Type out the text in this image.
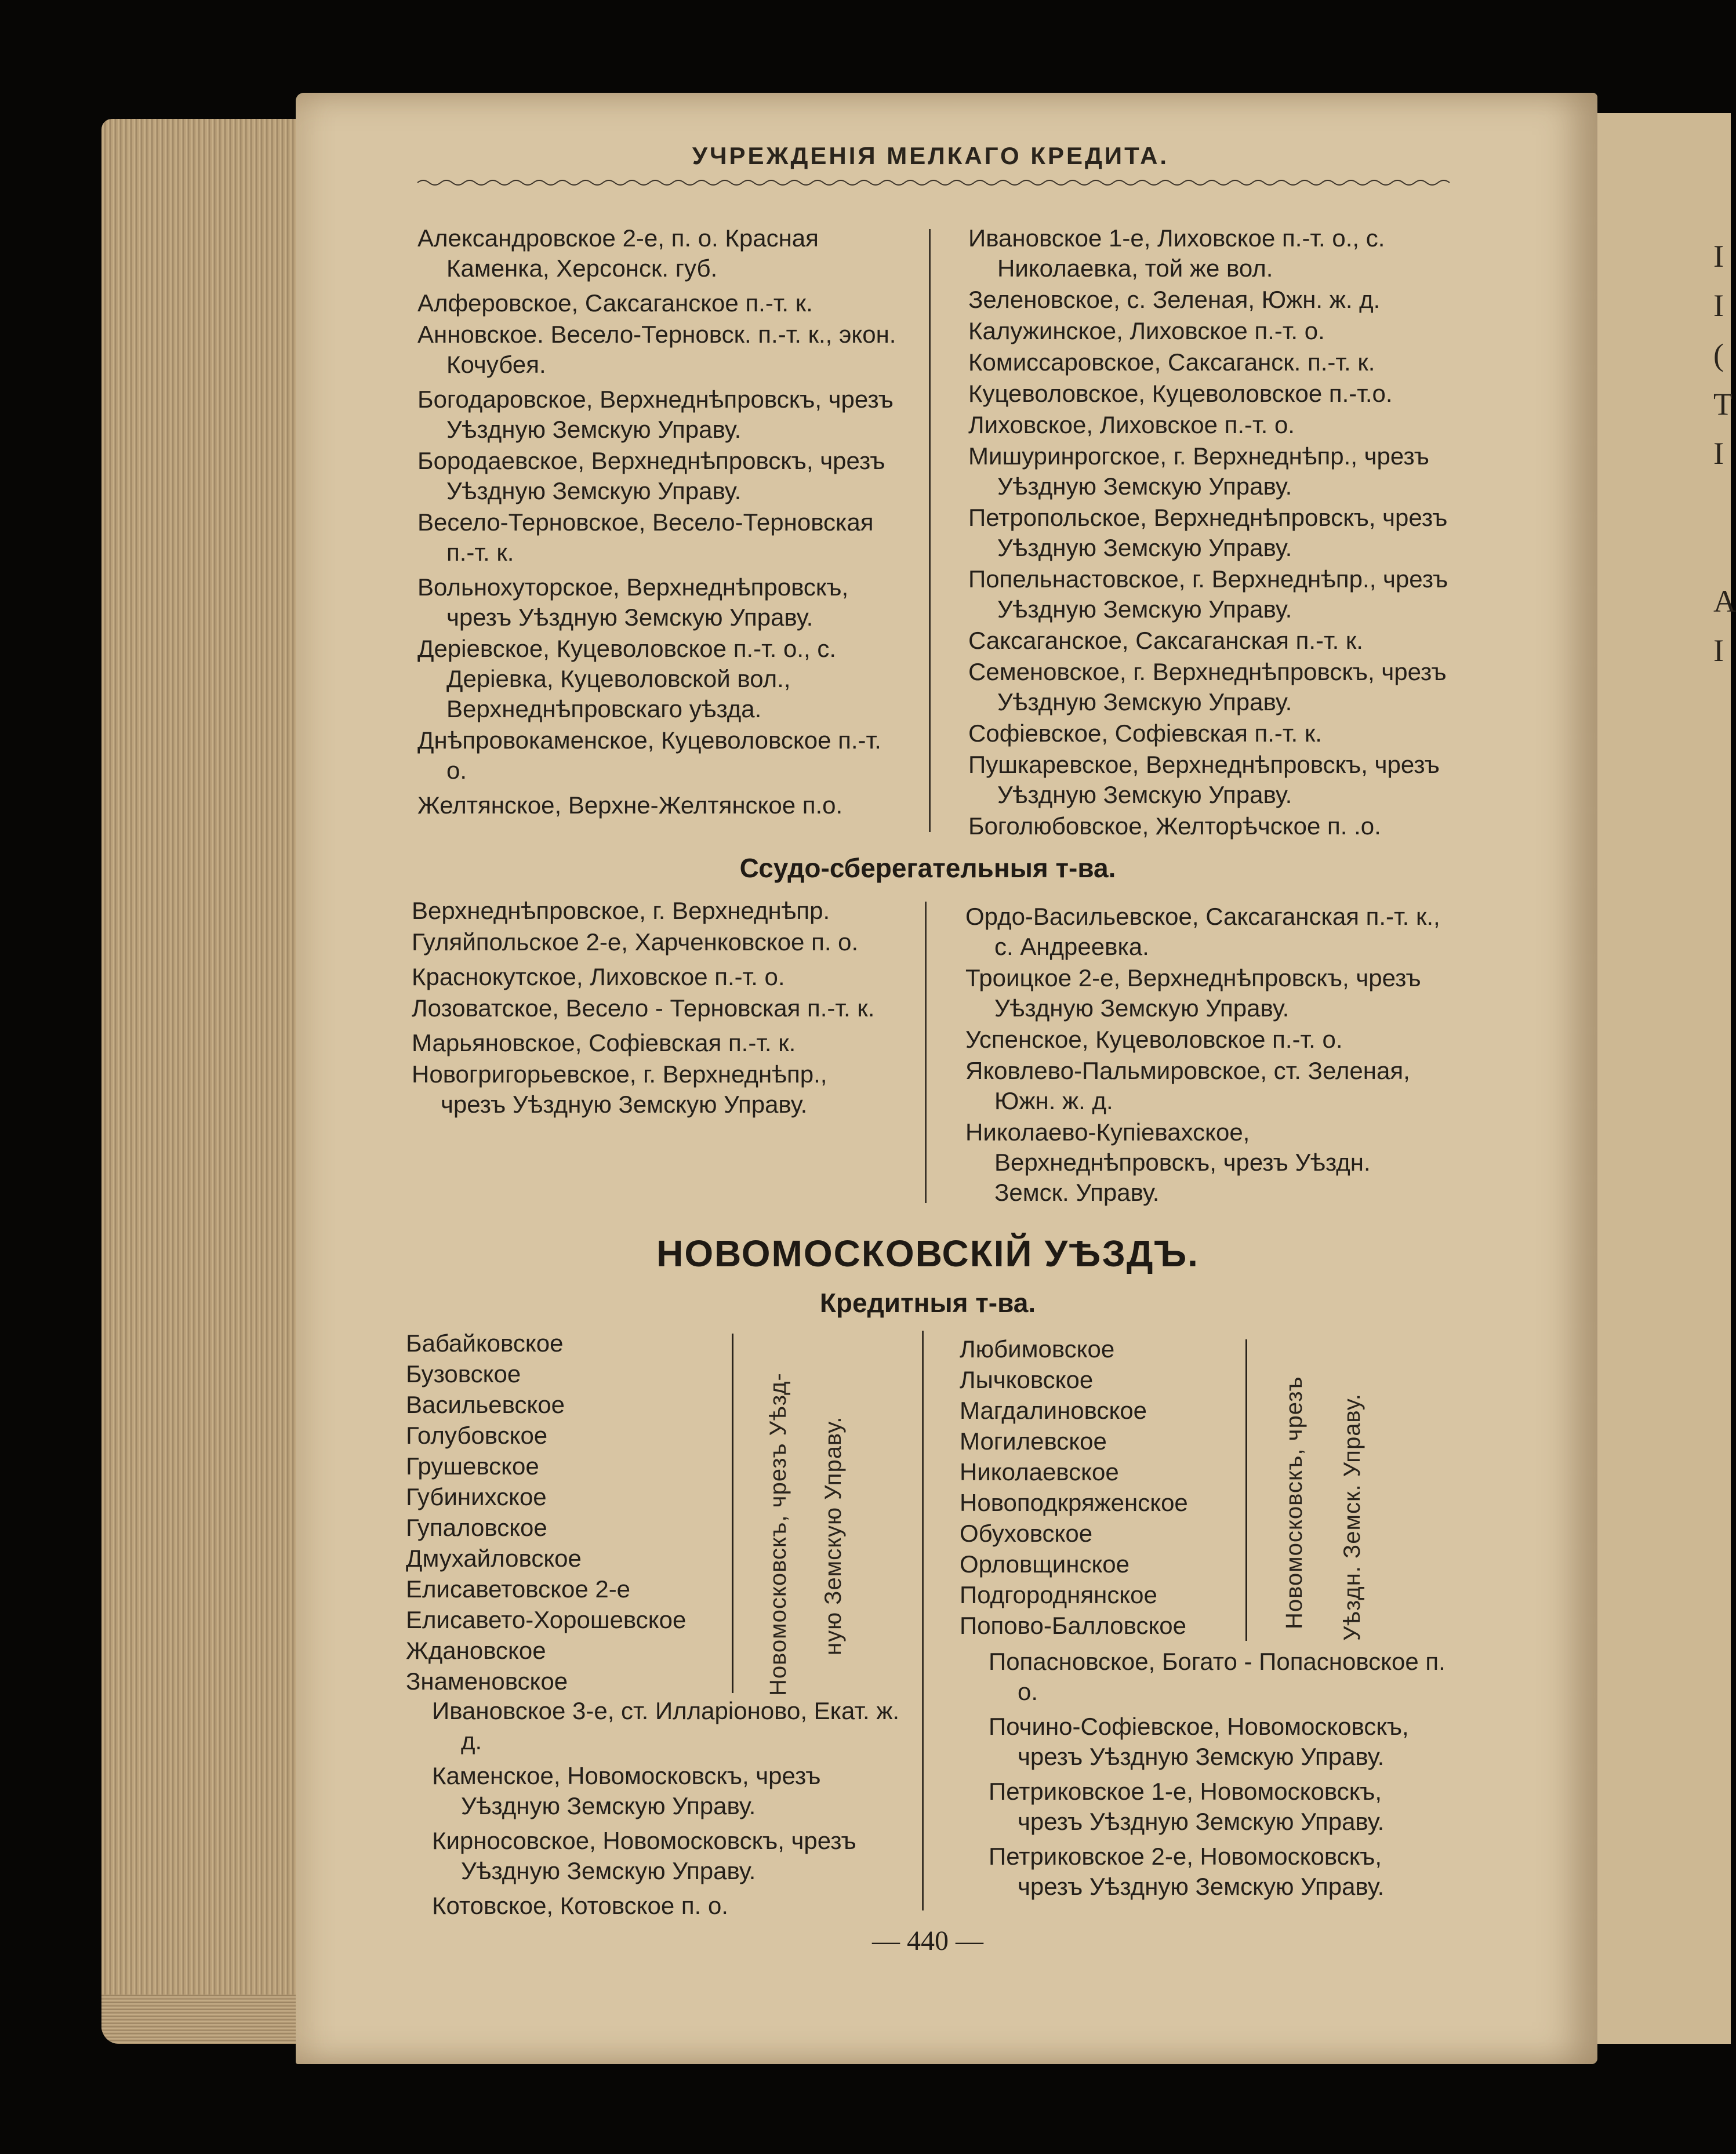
I
I
(
T
I

A
I
УЧРЕЖДЕНІЯ МЕЛКАГО КРЕДИТА.
Александровское 2-е, п. о. Красная Каменка, Херсонск. губ.
Алферовское, Саксаганское п.-т. к.
Анновское. Весело-Терновск. п.-т. к., экон. Кочубея.
Богодаровское, Верхнеднѣпровскъ, чрезъ Уѣздную Земскую Управу.
Бородаевское, Верхнеднѣпровскъ, чрезъ Уѣздную Земскую Управу.
Весело-Терновское, Весело-Терновская п.-т. к.
Вольнохуторское, Верхнеднѣпровскъ, чрезъ Уѣздную Земскую Управу.
Деріевское, Куцеволовское п.-т. о., с. Деріевка, Куцеволовской вол., Верхнеднѣпровскаго уѣзда.
Днѣпровокаменское, Куцеволовское п.-т. о.
Желтянское, Верхне-Желтянское п.о.
Ивановское 1-е, Лиховское п.-т. о., с. Николаевка, той же вол.
Зеленовское, с. Зеленая, Южн. ж. д.
Калужинское, Лиховское п.-т. о.
Комиссаровское, Саксаганск. п.-т. к.
Куцеволовское, Куцеволовское п.-т.о.
Лиховское, Лиховское п.-т. о.
Мишуринрогское, г. Верхнеднѣпр., чрезъ Уѣздную Земскую Управу.
Петропольское, Верхнеднѣпровскъ, чрезъ Уѣздную Земскую Управу.
Попельнастовское, г. Верхнеднѣпр., чрезъ Уѣздную Земскую Управу.
Саксаганское, Саксаганская п.-т. к.
Семеновское, г. Верхнеднѣпровскъ, чрезъ Уѣздную Земскую Управу.
Софіевское, Софіевская п.-т. к.
Пушкаревское, Верхнеднѣпровскъ, чрезъ Уѣздную Земскую Управу.
Боголюбовское, Желторѣчское п. .о.
Ссудо-сберегательныя т-ва.
Верхнеднѣпровское, г. Верхнеднѣпр.
Гуляйпольское 2-е, Харченковское п. о.
Краснокутское, Лиховское п.-т. о.
Лозоватское, Весело - Терновская п.-т. к.
Марьяновское, Софіевская п.-т. к.
Новогригорьевское, г. Верхнеднѣпр., чрезъ Уѣздную Земскую Управу.
Ордо-Васильевское, Саксаганская п.-т. к., с. Андреевка.
Троицкое 2-е, Верхнеднѣпровскъ, чрезъ Уѣздную Земскую Управу.
Успенское, Куцеволовское п.-т. о.
Яковлево-Пальмировское, ст. Зеленая, Южн. ж. д.
Николаево-Купіевахское, Верхнеднѣпровскъ, чрезъ Уѣздн. Земск. Управу.
НОВОМОСКОВСКІЙ УѢЗДЪ.
Кредитныя т-ва.
Бабайковское
Бузовское
Васильевское
Голубовское
Грушевское
Губинихское
Гупаловское
Дмухайловское
Елисаветовское 2-е
Елисавето-Хорошевское
Ждановское
Знаменовское	Новомосковскъ, чрезъ Уѣзд- ную Земскую Управу.
Ивановское 3-е, ст. Илларіоново, Екат. ж. д.
Каменское, Новомосковскъ, чрезъ Уѣздную Земскую Управу.
Кирносовское, Новомосковскъ, чрезъ Уѣздную Земскую Управу.
Котовское, Котовское п. о.
Любимовское
Лычковское
Магдалиновское
Могилевское
Николаевское
Новоподкряженское
Обуховское
Орловщинское
Подгороднянское
Попово-Балловское	Новомосковскъ, чрезъ Уѣздн. Земск. Управу.
Попасновское, Богато - Попасновское п. о.
Почино-Софіевское, Новомосковскъ, чрезъ Уѣздную Земскую Управу.
Петриковское 1-е, Новомосковскъ, чрезъ Уѣздную Земскую Управу.
Петриковское 2-е, Новомосковскъ, чрезъ Уѣздную Земскую Управу.
— 440 —
